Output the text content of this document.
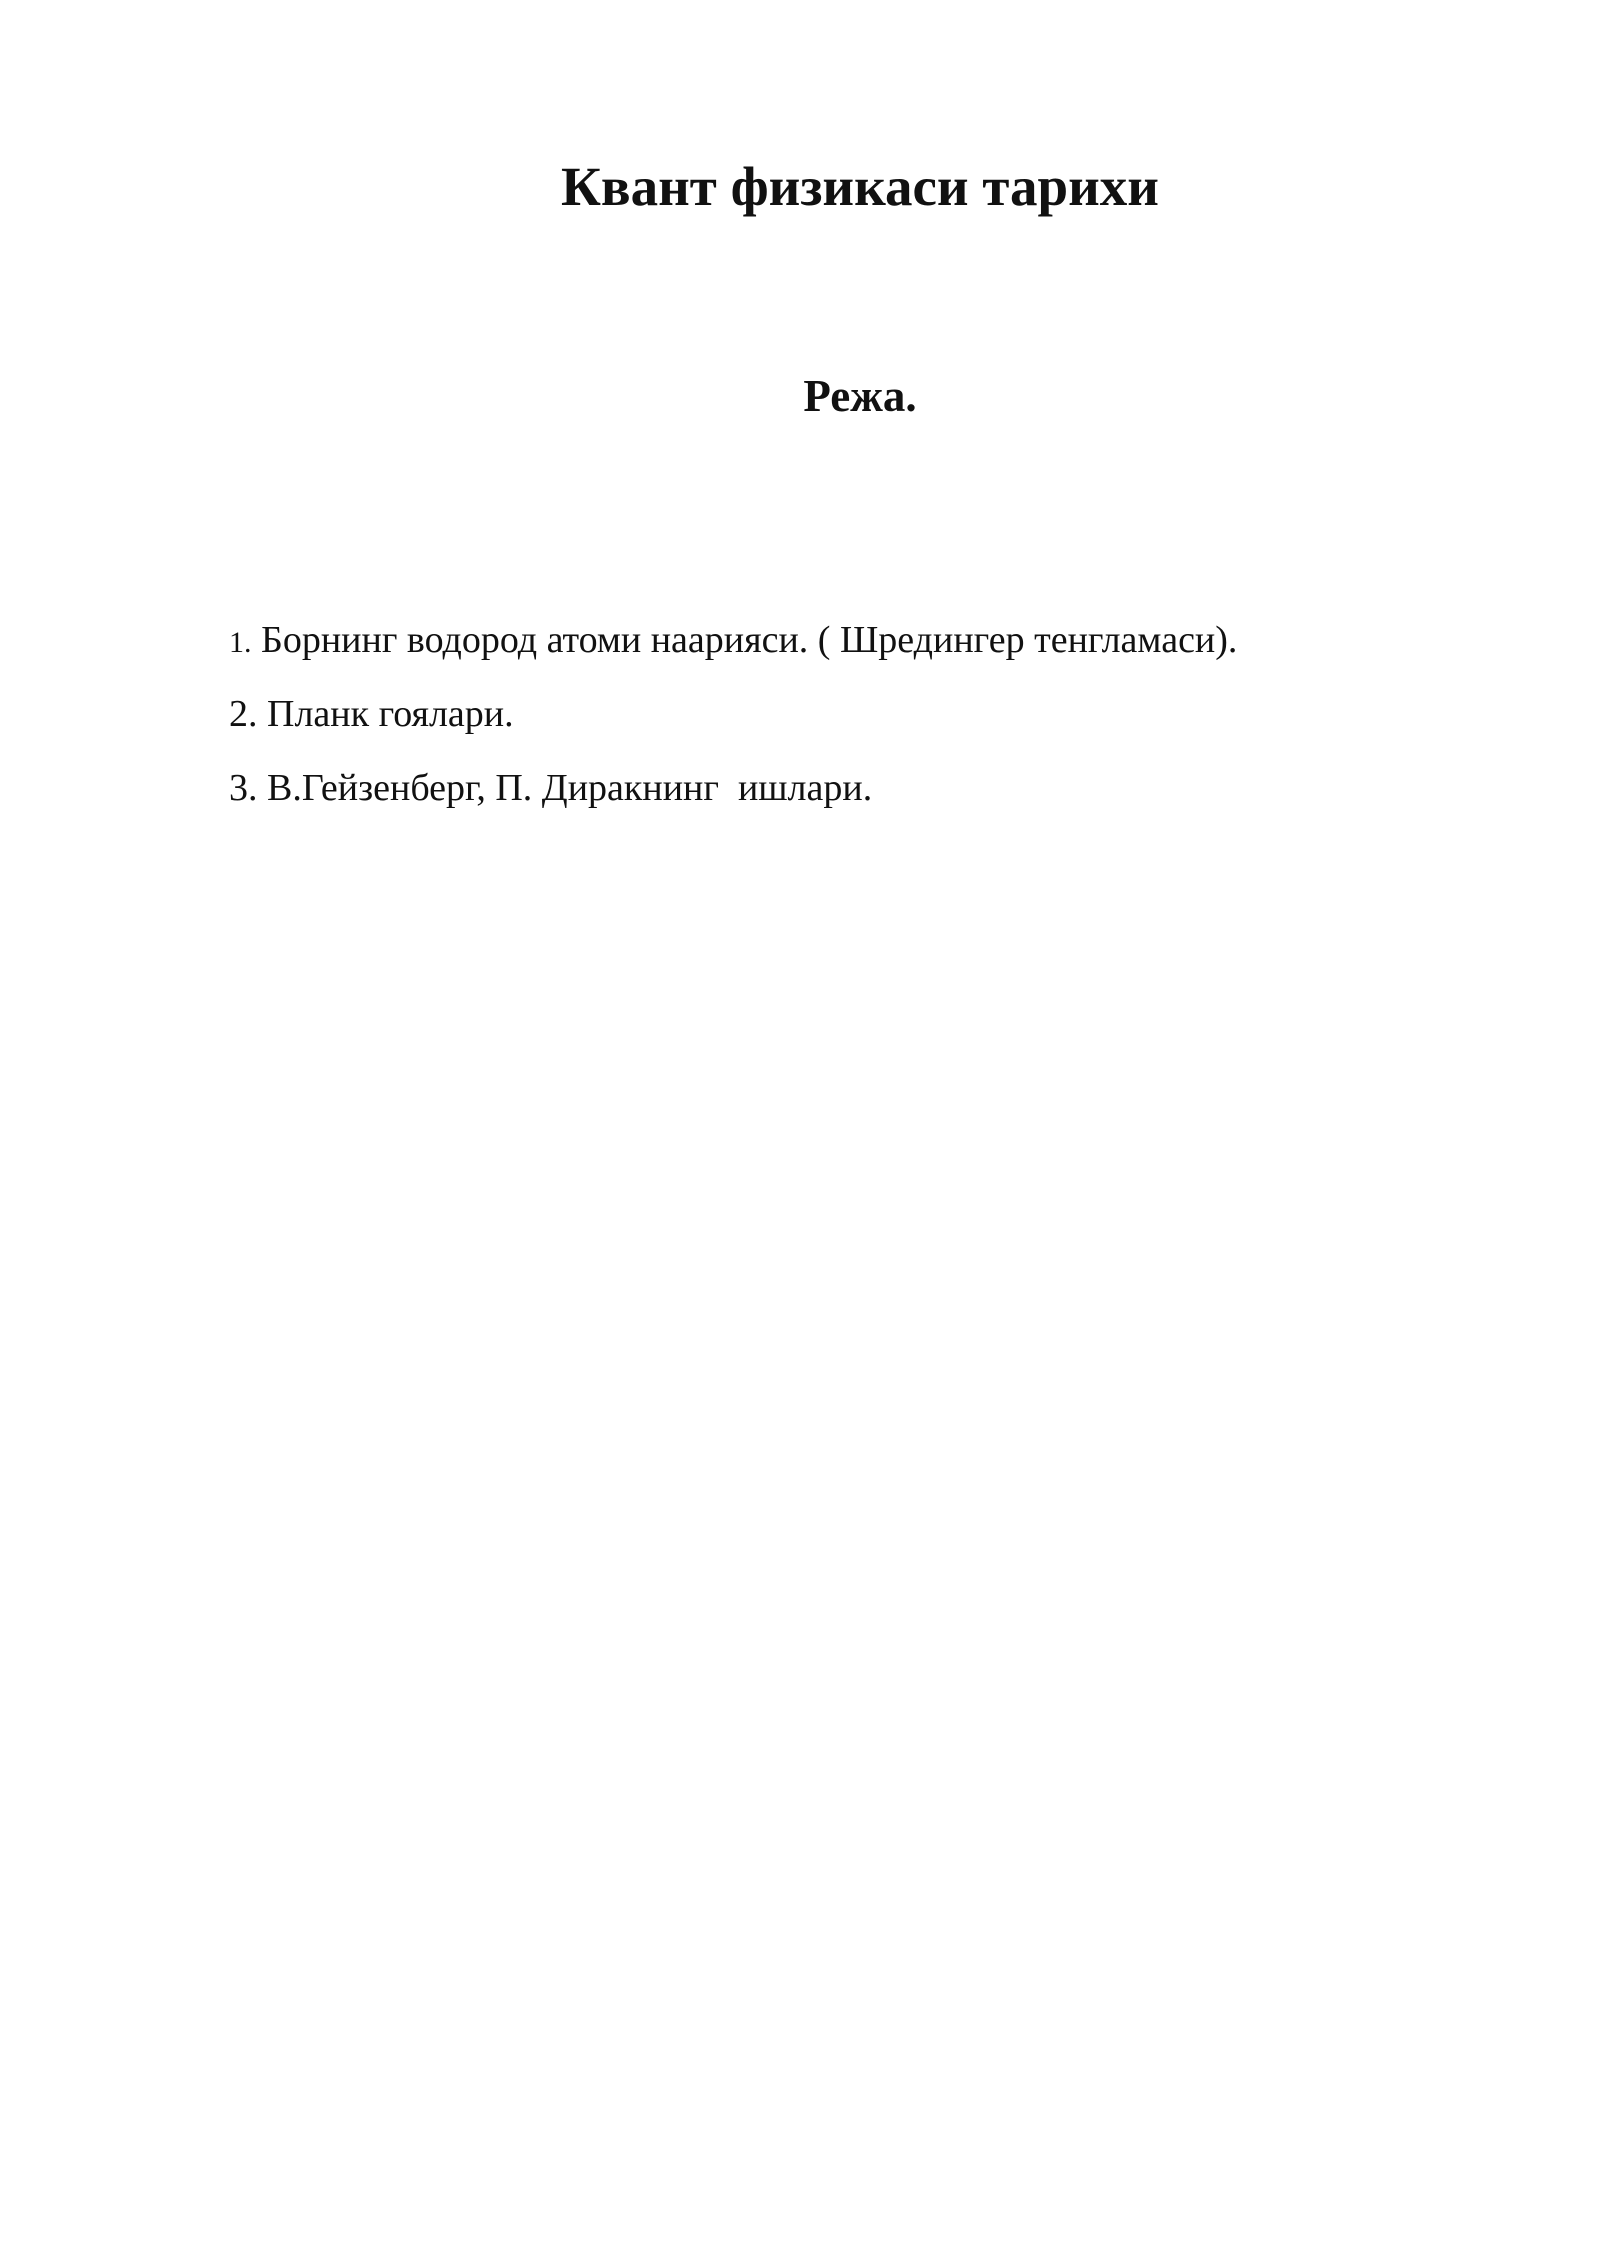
Квант физикаси тарихи
Режа.
1. Борнинг водород атоми наарияси. ( Шредингер тенгламаси).
2. Планк гоялари.
3. В.Гейзенберг, П. Диракнинг  ишлари.
